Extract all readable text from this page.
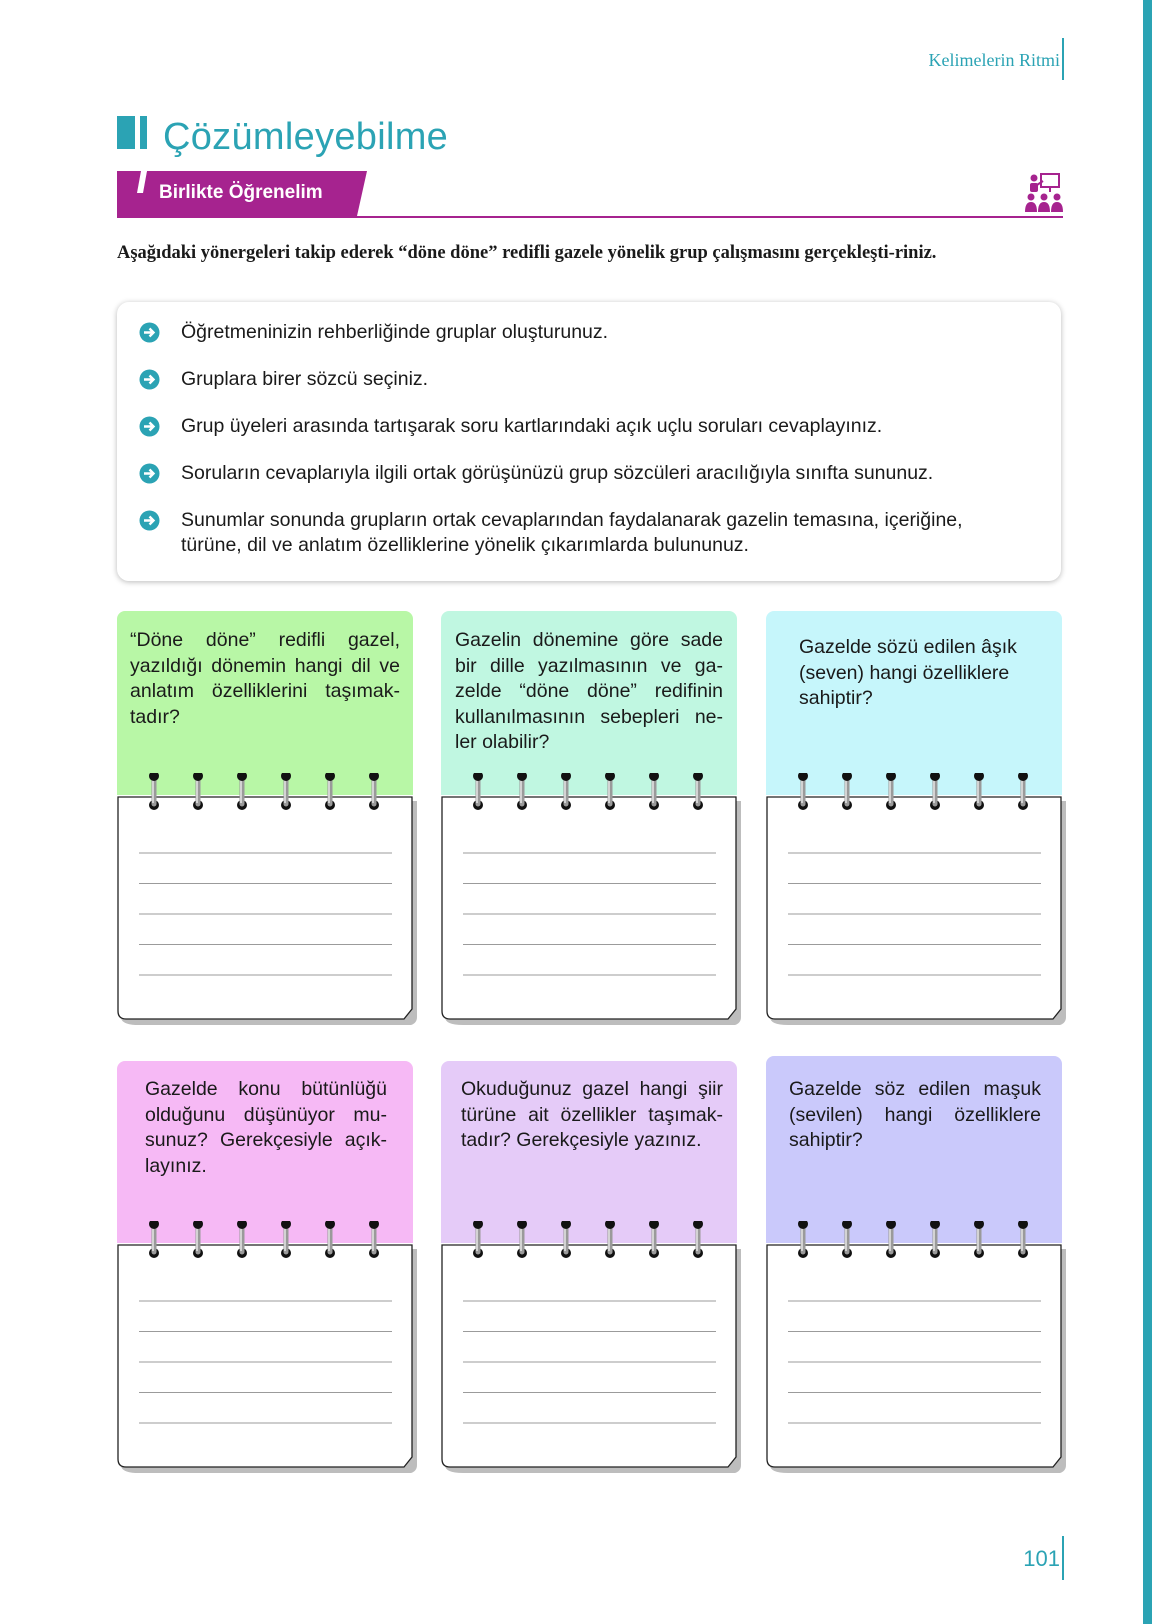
Kelimelerin Ritmi
Çözümleyebilme
Birlikte Öğrenelim
Aşağıdaki yönergeleri takip ederek “döne döne” redifli gazele yönelik grup çalışmasını gerçekleşti-riniz.
Öğretmeninizin rehberliğinde gruplar oluşturunuz.
Gruplara birer sözcü seçiniz.
Grup üyeleri arasında tartışarak soru kartlarındaki açık uçlu soruları cevaplayınız.
Soruların cevaplarıyla ilgili ortak görüşünüzü grup sözcüleri aracılığıyla sınıfta sununuz.
Sunumlar sonunda grupların ortak cevaplarından faydalanarak gazelin temasına, içeriğine, türüne, dil ve anlatım özelliklerine yönelik çıkarımlarda bulununuz.
“Döne döne” redifli gazel, yazıldığı dönemin hangi dil ve anlatım özelliklerini taşımak-tadır?
Gazelin dönemine göre sade bir dille yazılmasının ve ga-zelde “döne döne” redifinin kullanılmasının sebepleri ne-ler olabilir?
Gazelde sözü edilen âşık (seven) hangi özelliklere sahiptir?
Gazelde konu bütünlüğü olduğunu düşünüyor mu-sunuz? Gerekçesiyle açık-layınız.
Okuduğunuz gazel hangi şiir türüne ait özellikler taşımak-tadır? Gerekçesiyle yazınız.
Gazelde söz edilen maşuk (sevilen) hangi özelliklere sahiptir?
101
